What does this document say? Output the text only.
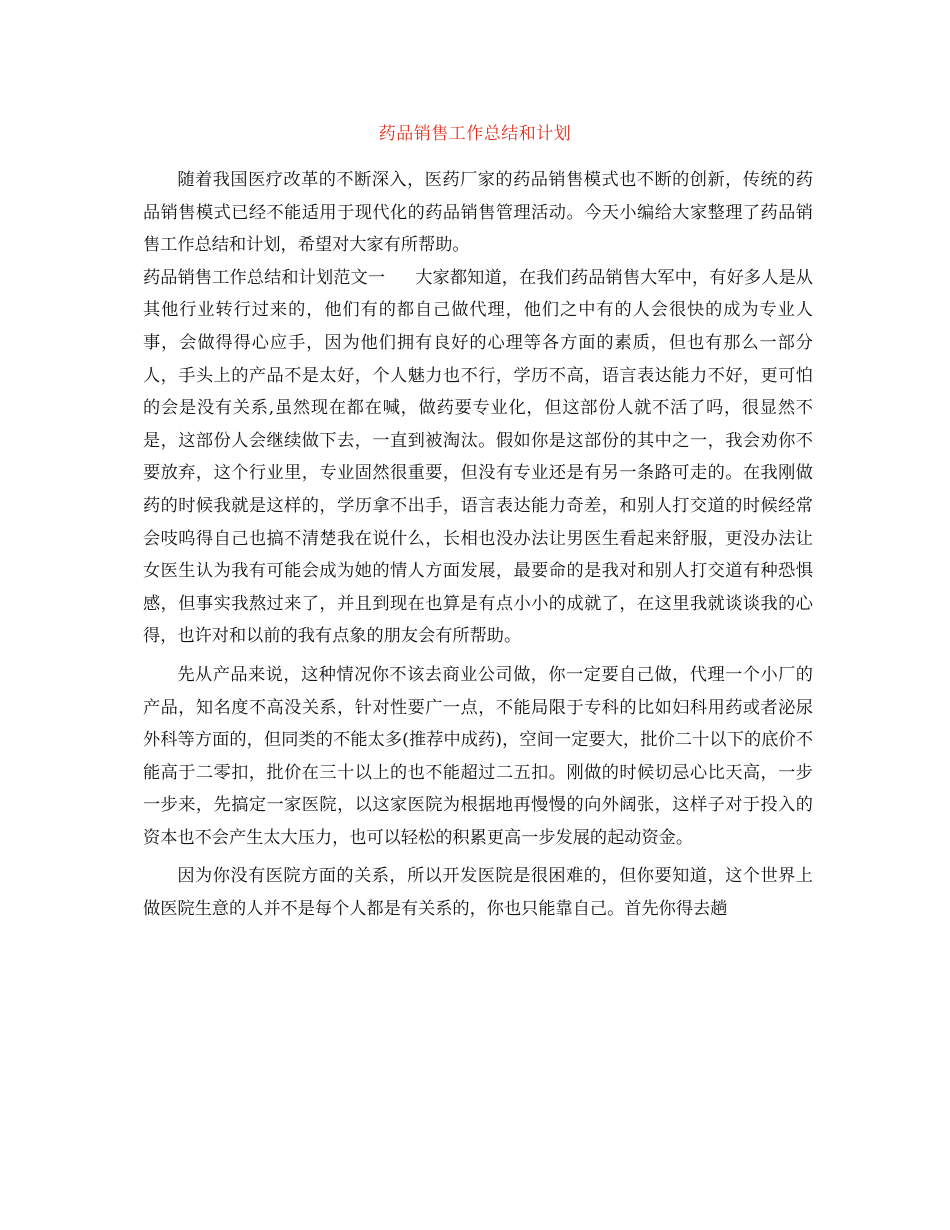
药品销售工作总结和计划

随着我国医疗改革的不断深入，医药厂家的药品销售模式也不断的创新，传统的药品销售模式已经不能适用于现代化的药品销售管理活动。今天小编给大家整理了药品销售工作总结和计划，希望对大家有所帮助。

药品销售工作总结和计划范文一 大家都知道，在我们药品销售大军中，有好多人是从其他行业转行过来的，他们有的都自己做代理，他们之中有的人会很快的成为专业人事，会做得得心应手，因为他们拥有良好的心理等各方面的素质，但也有那么一部分人，手头上的产品不是太好，个人魅力也不行，学历不高，语言表达能力不好，更可怕的会是没有关系,虽然现在都在喊，做药要专业化，但这部份人就不活了吗，很显然不是，这部份人会继续做下去，一直到被淘汰。假如你是这部份的其中之一，我会劝你不要放弃，这个行业里，专业固然很重要，但没有专业还是有另一条路可走的。在我刚做药的时候我就是这样的，学历拿不出手，语言表达能力奇差，和别人打交道的时候经常会吱呜得自己也搞不清楚我在说什么，长相也没办法让男医生看起来舒服，更没办法让女医生认为我有可能会成为她的情人方面发展，最要命的是我对和别人打交道有种恐惧感，但事实我熬过来了，并且到现在也算是有点小小的成就了，在这里我就谈谈我的心得，也许对和以前的我有点象的朋友会有所帮助。

先从产品来说，这种情况你不该去商业公司做，你一定要自己做，代理一个小厂的产品，知名度不高没关系，针对性要广一点，不能局限于专科的比如妇科用药或者泌尿外科等方面的，但同类的不能太多(推荐中成药)，空间一定要大，批价二十以下的底价不能高于二零扣，批价在三十以上的也不能超过二五扣。刚做的时候切忌心比天高，一步一步来，先搞定一家医院，以这家医院为根据地再慢慢的向外阔张，这样子对于投入的资本也不会产生太大压力，也可以轻松的积累更高一步发展的起动资金。

因为你没有医院方面的关系，所以开发医院是很困难的，但你要知道，这个世界上做医院生意的人并不是每个人都是有关系的，你也只能靠自己。首先你得去趟
